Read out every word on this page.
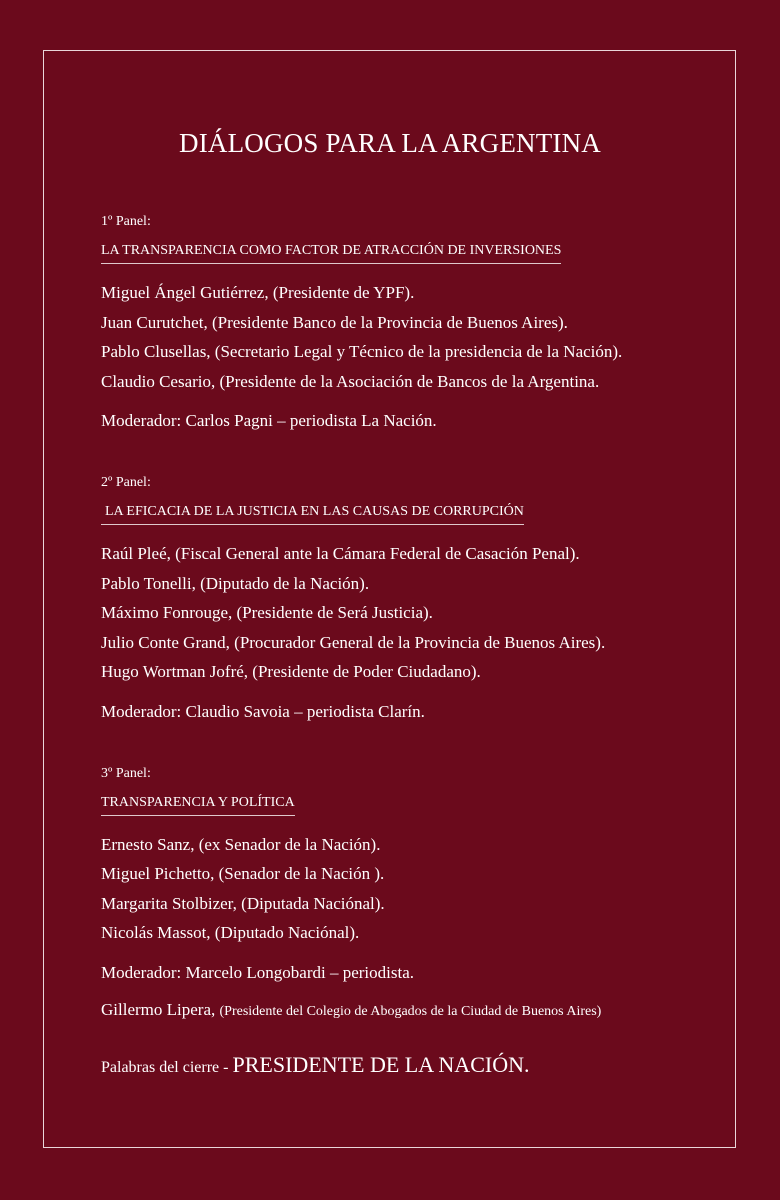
DIÁLOGOS PARA LA ARGENTINA
1º Panel:
LA TRANSPARENCIA COMO FACTOR DE ATRACCIÓN DE INVERSIONES
Miguel Ángel Gutiérrez, (Presidente de YPF).
Juan Curutchet, (Presidente Banco de la Provincia de Buenos Aires).
Pablo Clusellas, (Secretario Legal y Técnico de la presidencia de la Nación).
Claudio Cesario, (Presidente de la Asociación de Bancos de la Argentina.
Moderador: Carlos Pagni – periodista La Nación.
2º Panel:
LA EFICACIA DE LA JUSTICIA EN LAS CAUSAS DE CORRUPCIÓN
Raúl Pleé, (Fiscal General ante la Cámara Federal de Casación Penal).
Pablo Tonelli, (Diputado de la Nación).
Máximo Fonrouge, (Presidente de Será Justicia).
Julio Conte Grand, (Procurador General de la Provincia de Buenos Aires).
Hugo Wortman Jofré, (Presidente de Poder Ciudadano).
Moderador: Claudio Savoia – periodista Clarín.
3º Panel:
TRANSPARENCIA Y POLÍTICA
Ernesto Sanz, (ex Senador de la Nación).
Miguel Pichetto, (Senador de la Nación ).
Margarita Stolbizer, (Diputada Naciónal).
Nicolás Massot, (Diputado Naciónal).
Moderador: Marcelo Longobardi – periodista.
Gillermo Lipera, (Presidente del Colegio de Abogados de la Ciudad de Buenos Aires)
Palabras del cierre - PRESIDENTE DE LA NACIÓN.
